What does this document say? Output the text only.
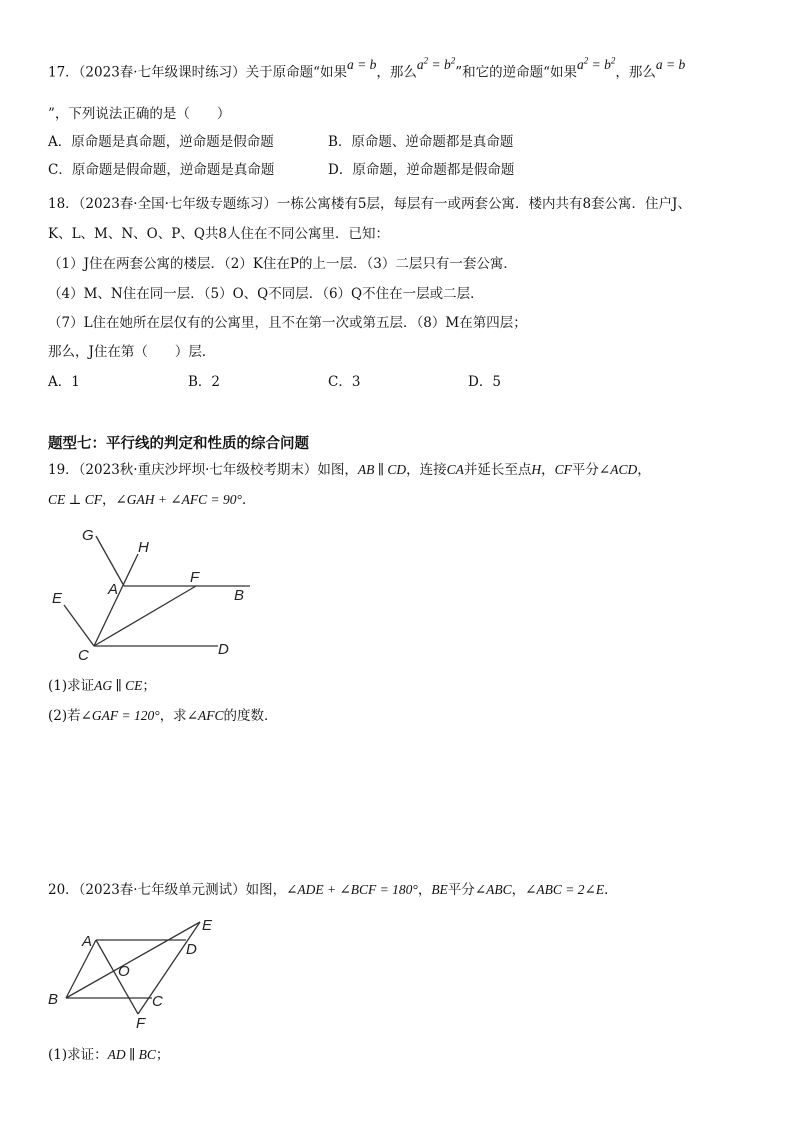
17．（2023春·七年级课时练习）关于原命题“如果a = b，那么$a^2 = b^2$”和它的逆命题“如果$a^2 = b^2$，那么a = b
”，下列说法正确的是（　　）
A．原命题是真命题，逆命题是假命题	B．原命题、逆命题都是真命题
C．原命题是假命题，逆命题是真命题	D．原命题，逆命题都是假命题
18．（2023春·全国·七年级专题练习）一栋公寓楼有5层，每层有一或两套公寓．楼内共有8套公寓．住户J、
K、L、M、N、O、P、Q共8人住在不同公寓里．已知：
（1）J住在两套公寓的楼层．（2）K住在P的上一层．（3）二层只有一套公寓．
（4）M、N住在同一层．（5）O、Q不同层．（6）Q不住在一层或二层．
（7）L住在她所在层仅有的公寓里，且不在第一次或第五层．（8）M在第四层；
那么，J住在第（　　）层．
A．1	B．2	C．3	D．5
题型七：平行线的判定和性质的综合问题
19．（2023秋·重庆沙坪坝·七年级校考期末）如图，AB ∥ CD，连接CA并延长至点H，CF平分∠ACD，
CE ⊥ CF，∠GAH + ∠AFC = 90°．
G
H
A
F
B
E
C	D
(1)求证AG ∥ CE；
(2)若∠GAF = 120°，求∠AFC的度数．
20．（2023春·七年级单元测试）如图，∠ADE + ∠BCF = 180°，BE平分∠ABC，∠ABC = 2∠E．
A
E
D
O
B	C
F
(1)求证：AD ∥ BC；
